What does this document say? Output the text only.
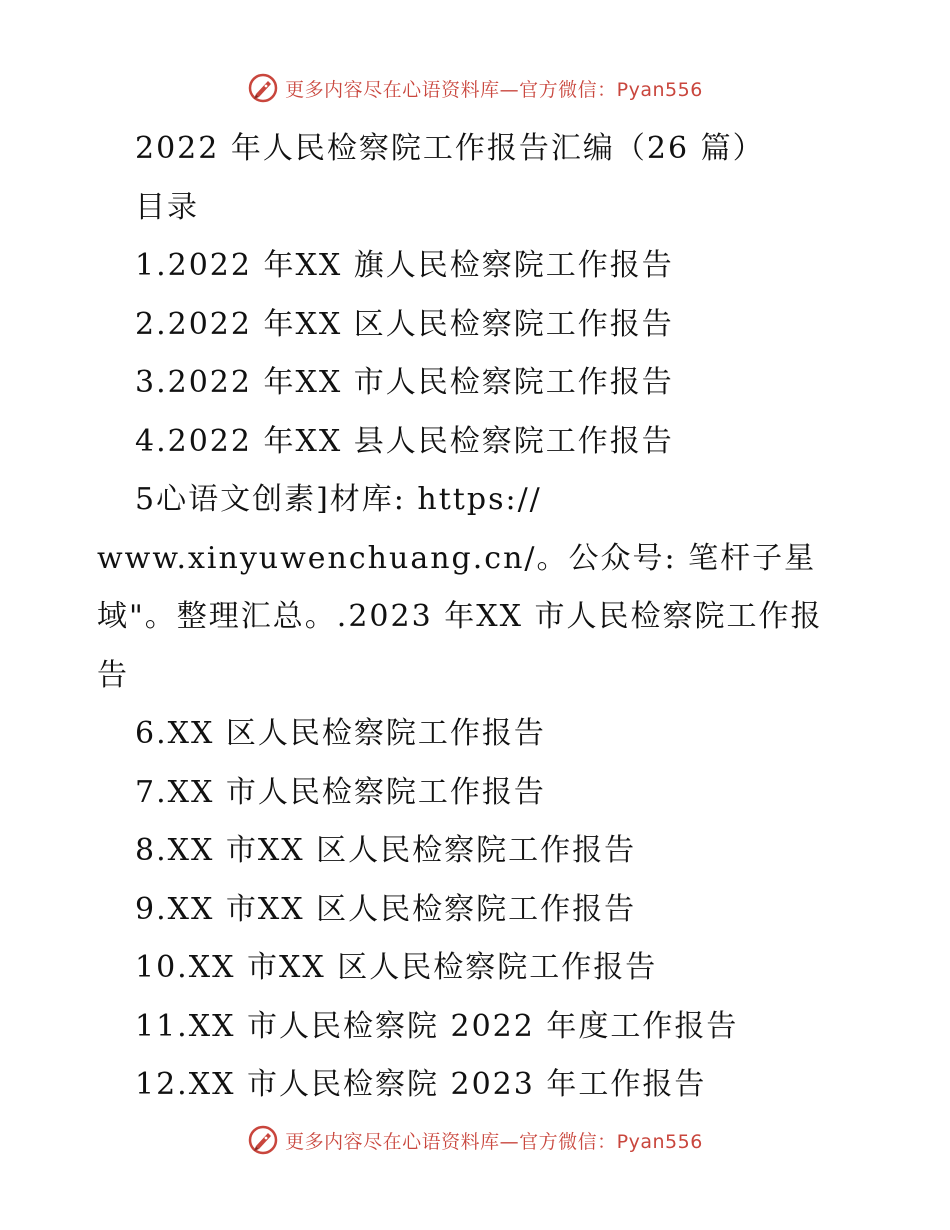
更多内容尽在心语资料库—官方微信：Pyan556
2022 年人民检察院工作报告汇编（26 篇）
目录
1.2022 年XX 旗人民检察院工作报告
2.2022 年XX 区人民检察院工作报告
3.2022 年XX 市人民检察院工作报告
4.2022 年XX 县人民检察院工作报告
5心语文创素]材库: https://
www.xinyuwenchuang.cn/。公众号: 笔杆子星
域"。整理汇总。.2023 年XX 市人民检察院工作报
告
6.XX 区人民检察院工作报告
7.XX 市人民检察院工作报告
8.XX 市XX 区人民检察院工作报告
9.XX 市XX 区人民检察院工作报告
10.XX 市XX 区人民检察院工作报告
11.XX 市人民检察院 2022 年度工作报告
12.XX 市人民检察院 2023 年工作报告
更多内容尽在心语资料库—官方微信：Pyan556
